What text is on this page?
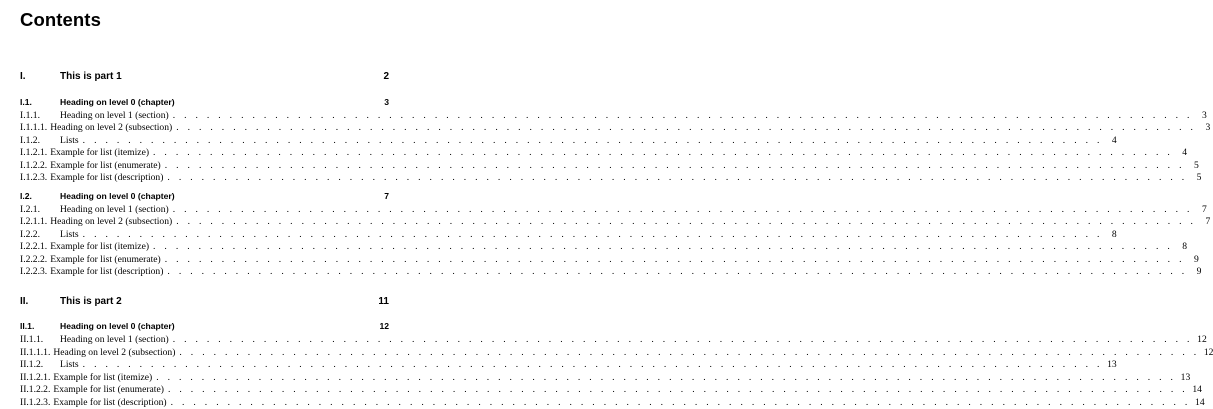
Contents
I.	This is part 1	2
I.1.	Heading on level 0 (chapter)	3
I.1.1.	Heading on level 1 (section) . . . . . . . . . . . . . . . . . . . . . . . . . . . . . . . . . . . . . . . . . . . . . . . . . . . . . . . . . . . . . . . . . . . . . . . . . . . . . . . . . . . . . . . . . . 3
I.1.1.1. Heading on level 2 (subsection) . . . . . . . . . . . . . . . . . . . . . . . . . . . . . . . . . . . . . . . . . . . . . . . . . . . . . . . . . . . . . . . . . . . . . . . . . . . . . . . . . . . . . . . . . . 3
I.1.2.	Lists . . . . . . . . . . . . . . . . . . . . . . . . . . . . . . . . . . . . . . . . . . . . . . . . . . . . . . . . . . . . . . . . . . . . . . . . . . . . . . . . . . . . . . . . . . 4
I.1.2.1. Example for list (itemize) . . . . . . . . . . . . . . . . . . . . . . . . . . . . . . . . . . . . . . . . . . . . . . . . . . . . . . . . . . . . . . . . . . . . . . . . . . . . . . . . . . . . . . . . . . 4
I.1.2.2. Example for list (enumerate) . . . . . . . . . . . . . . . . . . . . . . . . . . . . . . . . . . . . . . . . . . . . . . . . . . . . . . . . . . . . . . . . . . . . . . . . . . . . . . . . . . . . . . . . . . 5
I.1.2.3. Example for list (description) . . . . . . . . . . . . . . . . . . . . . . . . . . . . . . . . . . . . . . . . . . . . . . . . . . . . . . . . . . . . . . . . . . . . . . . . . . . . . . . . . . . . . . . . . . 5
I.2.	Heading on level 0 (chapter)	7
I.2.1.	Heading on level 1 (section) . . . . . . . . . . . . . . . . . . . . . . . . . . . . . . . . . . . . . . . . . . . . . . . . . . . . . . . . . . . . . . . . . . . . . . . . . . . . . . . . . . . . . . . . . . 7
I.2.1.1. Heading on level 2 (subsection) . . . . . . . . . . . . . . . . . . . . . . . . . . . . . . . . . . . . . . . . . . . . . . . . . . . . . . . . . . . . . . . . . . . . . . . . . . . . . . . . . . . . . . . . . . 7
I.2.2.	Lists . . . . . . . . . . . . . . . . . . . . . . . . . . . . . . . . . . . . . . . . . . . . . . . . . . . . . . . . . . . . . . . . . . . . . . . . . . . . . . . . . . . . . . . . . . 8
I.2.2.1. Example for list (itemize) . . . . . . . . . . . . . . . . . . . . . . . . . . . . . . . . . . . . . . . . . . . . . . . . . . . . . . . . . . . . . . . . . . . . . . . . . . . . . . . . . . . . . . . . . . 8
I.2.2.2. Example for list (enumerate) . . . . . . . . . . . . . . . . . . . . . . . . . . . . . . . . . . . . . . . . . . . . . . . . . . . . . . . . . . . . . . . . . . . . . . . . . . . . . . . . . . . . . . . . . . 9
I.2.2.3. Example for list (description) . . . . . . . . . . . . . . . . . . . . . . . . . . . . . . . . . . . . . . . . . . . . . . . . . . . . . . . . . . . . . . . . . . . . . . . . . . . . . . . . . . . . . . . . . . 9
II.	This is part 2	11
II.1.	Heading on level 0 (chapter)	12
II.1.1.	Heading on level 1 (section) . . . . . . . . . . . . . . . . . . . . . . . . . . . . . . . . . . . . . . . . . . . . . . . . . . . . . . . . . . . . . . . . . . . . . . . . . . . . . . . . . . . . . . . . . . 12
II.1.1.1. Heading on level 2 (subsection) . . . . . . . . . . . . . . . . . . . . . . . . . . . . . . . . . . . . . . . . . . . . . . . . . . . . . . . . . . . . . . . . . . . . . . . . . . . . . . . . . . . . . . . . . . 12
II.1.2.	Lists . . . . . . . . . . . . . . . . . . . . . . . . . . . . . . . . . . . . . . . . . . . . . . . . . . . . . . . . . . . . . . . . . . . . . . . . . . . . . . . . . . . . . . . . . . 13
II.1.2.1. Example for list (itemize) . . . . . . . . . . . . . . . . . . . . . . . . . . . . . . . . . . . . . . . . . . . . . . . . . . . . . . . . . . . . . . . . . . . . . . . . . . . . . . . . . . . . . . . . . . 13
II.1.2.2. Example for list (enumerate) . . . . . . . . . . . . . . . . . . . . . . . . . . . . . . . . . . . . . . . . . . . . . . . . . . . . . . . . . . . . . . . . . . . . . . . . . . . . . . . . . . . . . . . . . . 14
II.1.2.3. Example for list (description) . . . . . . . . . . . . . . . . . . . . . . . . . . . . . . . . . . . . . . . . . . . . . . . . . . . . . . . . . . . . . . . . . . . . . . . . . . . . . . . . . . . . . . . . . . 14
